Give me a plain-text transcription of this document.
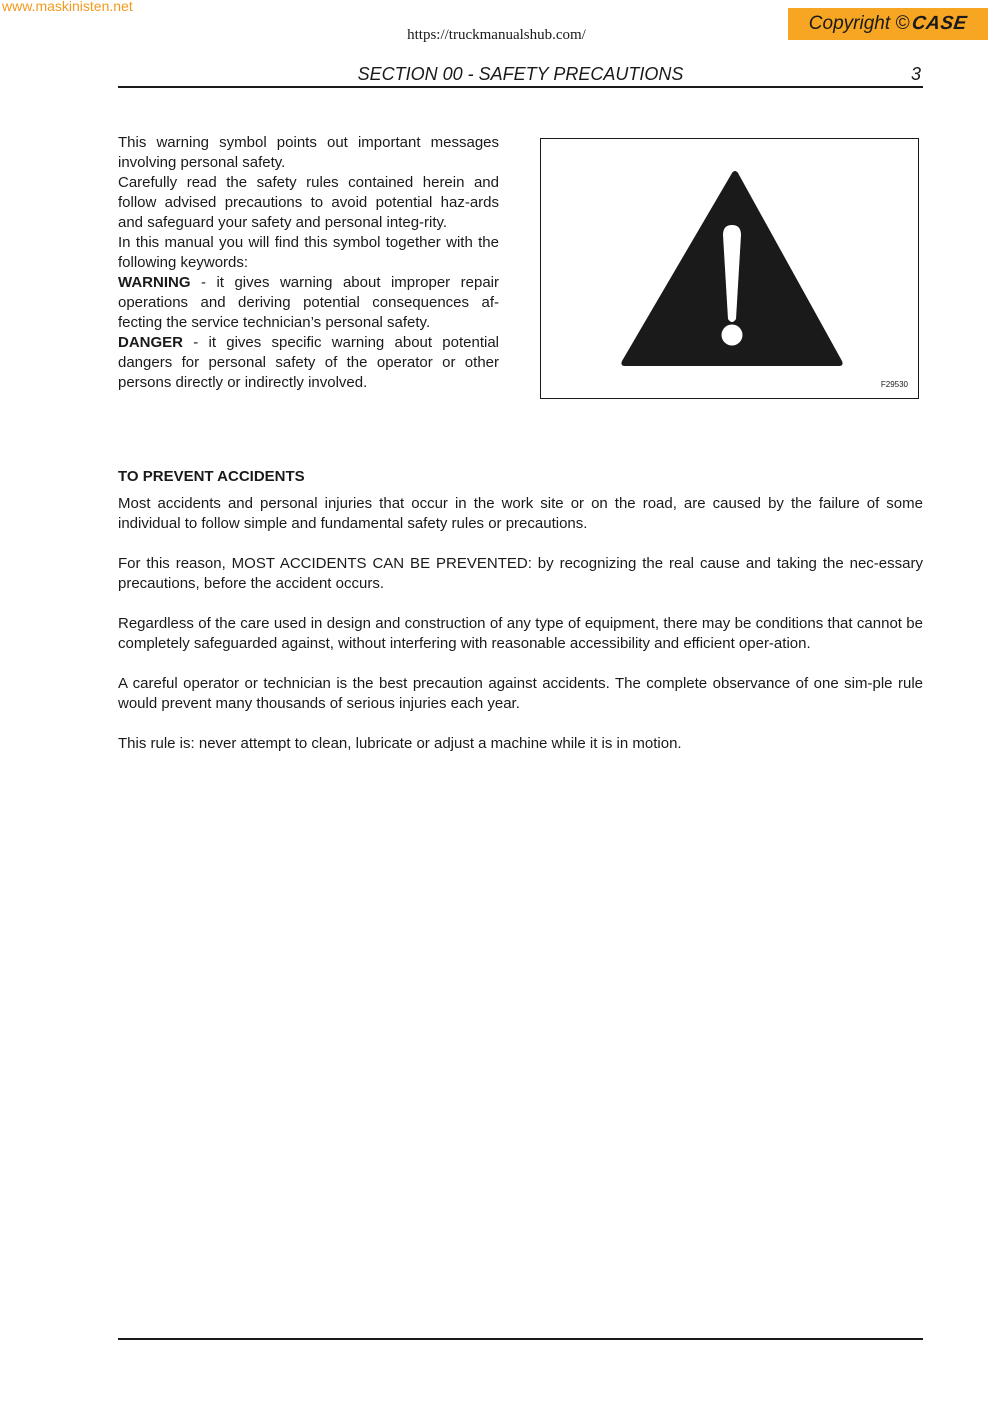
www.maskinisten.net
https://truckmanualshub.com/
Copyright © CASE
SECTION 00 - SAFETY PRECAUTIONS	3

This warning symbol points out important messages involving personal safety.

Carefully read the safety rules contained herein and follow advised precautions to avoid potential haz-ards and safeguard your safety and personal integ-rity.

In this manual you will find this symbol together with the following keywords:

WARNING - it gives warning about improper repair operations and deriving potential consequences af-fecting the service technician’s personal safety.

DANGER - it gives specific warning about potential dangers for personal safety of the operator or other persons directly or indirectly involved.	F29530
TO PREVENT ACCIDENTS

Most accidents and personal injuries that occur in the work site or on the road, are caused by the failure of some individual to follow simple and fundamental safety rules or precautions.

For this reason, MOST ACCIDENTS CAN BE PREVENTED: by recognizing the real cause and taking the nec-essary precautions, before the accident occurs.

Regardless of the care used in design and construction of any type of equipment, there may be conditions that cannot be completely safeguarded against, without interfering with reasonable accessibility and efficient oper-ation.

A careful operator or technician is the best precaution against accidents. The complete observance of one sim-ple rule would prevent many thousands of serious injuries each year.

This rule is: never attempt to clean, lubricate or adjust a machine while it is in motion.
